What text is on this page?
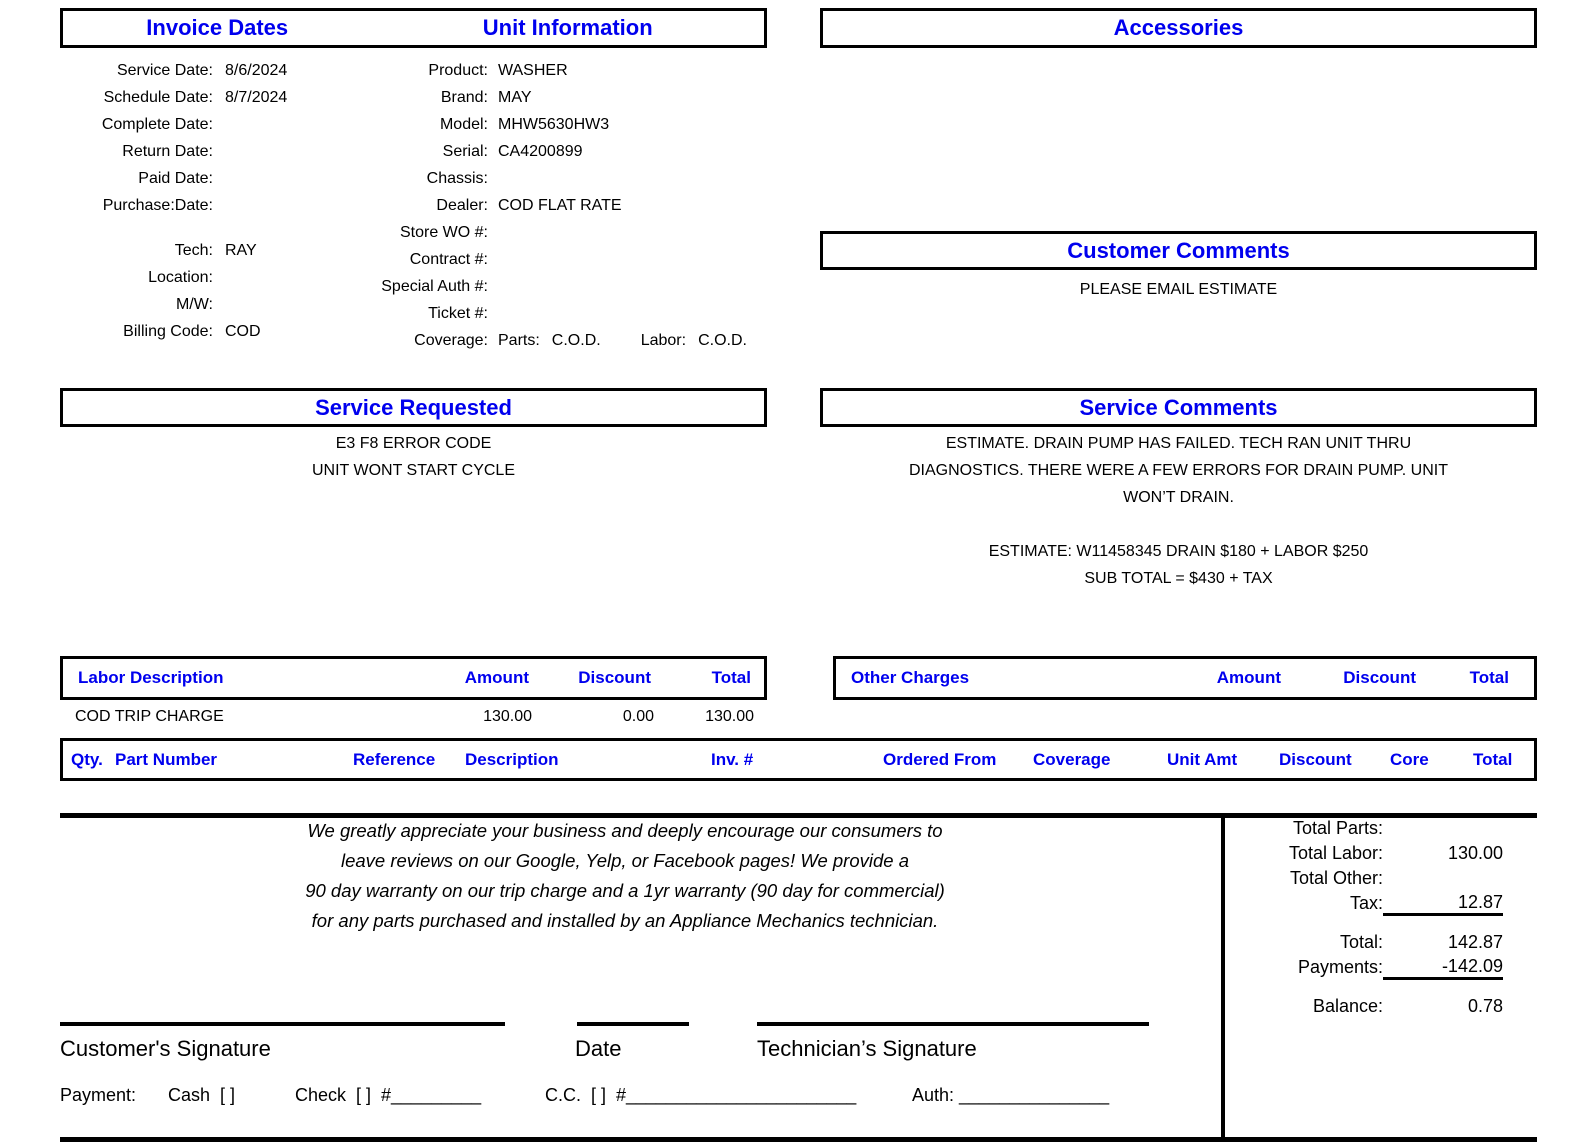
Invoice Dates	Unit Information
Service Date: 8/6/2024
Schedule Date: 8/7/2024
Complete Date:
Return Date:
Paid Date:
Purchase:Date:
Tech: RAY
Location:
M/W:
Billing Code: COD
Product: WASHER
Brand: MAY
Model: MHW5630HW3
Serial: CA4200899
Chassis:
Dealer: COD FLAT RATE
Store WO #:
Contract #:
Special Auth #:
Ticket #:
Coverage: Parts: C.O.D.	Labor: C.O.D.
Accessories
Customer Comments
PLEASE EMAIL ESTIMATE
Service Requested
E3 F8 ERROR CODE
UNIT WONT START CYCLE
Service Comments
ESTIMATE. DRAIN PUMP HAS FAILED. TECH RAN UNIT THRU
DIAGNOSTICS. THERE WERE A FEW ERRORS FOR DRAIN PUMP. UNIT
WON’T DRAIN.
ESTIMATE: W11458345 DRAIN $180 + LABOR $250
SUB TOTAL = $430 + TAX
Labor Description	Amount	Discount	Total
COD TRIP CHARGE	130.00	0.00	130.00
Other Charges	Amount	Discount	Total
Qty. Part Number	Reference Description	Inv. #	Ordered From Coverage	Unit Amt Discount Core	Total
We greatly appreciate your business and deeply encourage our consumers to
leave reviews on our Google, Yelp, or Facebook pages! We provide a
90 day warranty on our trip charge and a 1yr warranty (90 day for commercial)
for any parts purchased and installed by an Appliance Mechanics technician.
Total Parts:
Total Labor:	130.00
Total Other:
Tax:	12.87
Total:	142.87
Payments:	-142.09
Balance:	0.78
Customer's Signature	Date	Technician’s Signature
Payment: Cash  [ ]	Check  [ ]  #_________	C.C.  [ ]  #_______________________	Auth: _______________
